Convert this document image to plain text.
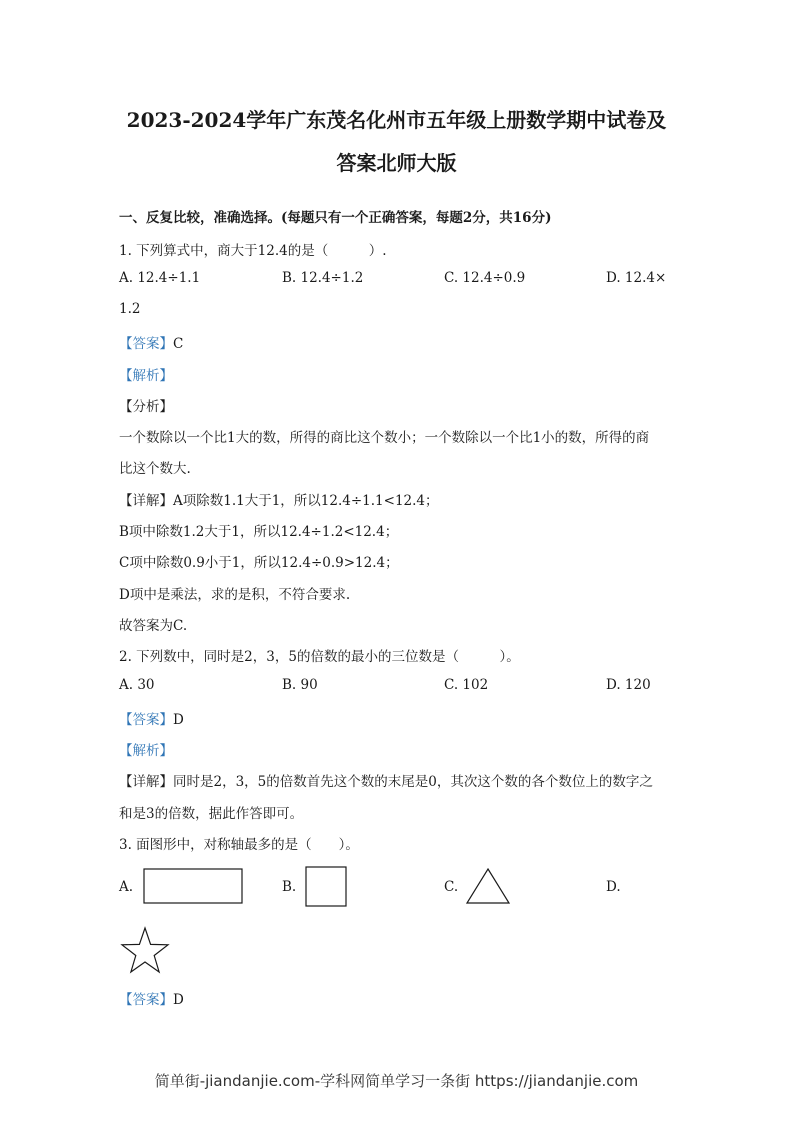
2023-2024学年广东茂名化州市五年级上册数学期中试卷及
答案北师大版
一、反复比较，准确选择。(每题只有一个正确答案，每题2分，共16分)
1. 下列算式中，商大于12.4的是（　　　）.
A. 12.4÷1.1	B. 12.4÷1.2	C. 12.4÷0.9	D. 12.4×
1.2
【答案】C
【解析】
【分析】
一个数除以一个比1大的数，所得的商比这个数小；一个数除以一个比1小的数，所得的商
比这个数大.
【详解】A项除数1.1大于1，所以12.4÷1.1<12.4；
B项中除数1.2大于1，所以12.4÷1.2<12.4；
C项中除数0.9小于1，所以12.4÷0.9>12.4；
D项中是乘法，求的是积，不符合要求.
故答案为C.
2. 下列数中，同时是2，3，5的倍数的最小的三位数是（　　　）。
A. 30	B. 90	C. 102	D. 120
【答案】D
【解析】
【详解】同时是2，3，5的倍数首先这个数的末尾是0，其次这个数的各个数位上的数字之
和是3的倍数，据此作答即可。
3. 面图形中，对称轴最多的是（　　）。
A.	B.	C.	D.
【答案】D
简单街-jiandanjie.com-学科网简单学习一条街 https://jiandanjie.com
